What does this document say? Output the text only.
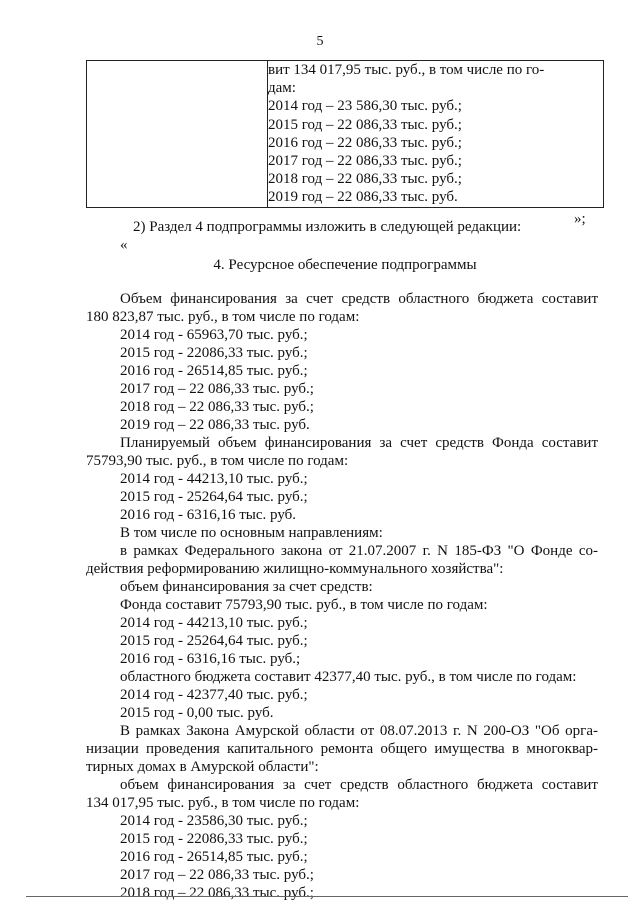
5

вит 134 017,95 тыс. руб., в том числе по го-
дам:
2014 год – 23 586,30 тыс. руб.;
2015 год – 22 086,33 тыс. руб.;
2016 год – 22 086,33 тыс. руб.;
2017 год – 22 086,33 тыс. руб.;
2018 год – 22 086,33 тыс. руб.;
2019 год – 22 086,33 тыс. руб.
»;
2) Раздел 4 подпрограммы изложить в следующей редакции:
«
4. Ресурсное обеспечение подпрограммы
Объем финансирования за счет средств областного бюджета составит
180 823,87 тыс. руб., в том числе по годам:
2014 год - 65963,70 тыс. руб.;
2015 год - 22086,33 тыс. руб.;
2016 год - 26514,85 тыс. руб.;
2017 год – 22 086,33 тыс. руб.;
2018 год – 22 086,33 тыс. руб.;
2019 год – 22 086,33 тыс. руб.
Планируемый объем финансирования за счет средств Фонда составит
75793,90 тыс. руб., в том числе по годам:
2014 год - 44213,10 тыс. руб.;
2015 год - 25264,64 тыс. руб.;
2016 год - 6316,16 тыс. руб.
В том числе по основным направлениям:
в рамках Федерального закона от 21.07.2007 г. N 185-ФЗ "О Фонде со-
действия реформированию жилищно-коммунального хозяйства":
объем финансирования за счет средств:
Фонда составит 75793,90 тыс. руб., в том числе по годам:
2014 год - 44213,10 тыс. руб.;
2015 год - 25264,64 тыс. руб.;
2016 год - 6316,16 тыс. руб.;
областного бюджета составит 42377,40 тыс. руб., в том числе по годам:
2014 год - 42377,40 тыс. руб.;
2015 год - 0,00 тыс. руб.
В рамках Закона Амурской области от 08.07.2013 г. N 200-ОЗ "Об орга-
низации проведения капитального ремонта общего имущества в многоквар-
тирных домах в Амурской области":
объем финансирования за счет средств областного бюджета составит
134 017,95 тыс. руб., в том числе по годам:
2014 год - 23586,30 тыс. руб.;
2015 год - 22086,33 тыс. руб.;
2016 год - 26514,85 тыс. руб.;
2017 год – 22 086,33 тыс. руб.;
2018 год – 22 086,33 тыс. руб.;
